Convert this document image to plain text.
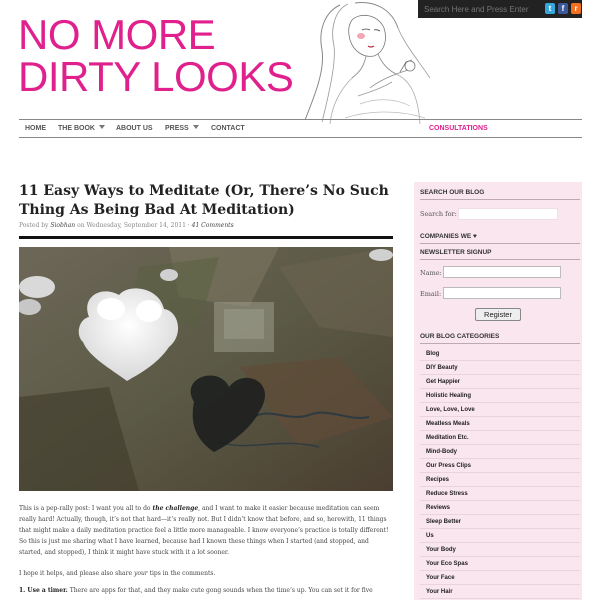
Search Here and Press Enter
t	f	r
NO MORE
DIRTY LOOKS
HOME THE BOOK	ABOUT US PRESS	CONTACT	CONSULTATIONS
11 Easy Ways to Meditate (Or, There’s No Such Thing As Being Bad At Meditation)
Posted by Siobhan on Wednesday, September 14, 2011 · 41 Comments

This is a pep-rally post: I want you all to do the challenge, and I want to make it easier because meditation can seem really hard! Actually, though, it’s not that hard—it’s really not. But I didn’t know that before, and so, herewith, 11 things that might make a daily meditation practice feel a little more manageable. I know everyone’s practice is totally different! So this is just me sharing what I have learned, because had I known these things when I started (and stopped, and started, and stopped), I think it might have stuck with it a lot sooner.

I hope it helps, and please also share your tips in the comments.

1. Use a timer. There are apps for that, and they make cute gong sounds when the time’s up. You can set it for five

SEARCH OUR BLOG
Search for:
COMPANIES WE ♥
NEWSLETTER SIGNUP
Name:
Email:
Register
OUR BLOG CATEGORIES
Blog
DIY Beauty
Get Happier
Holistic Healing
Love, Love, Love
Meatless Meals
Meditation Etc.
Mind-Body
Our Press Clips
Recipes
Reduce Stress
Reviews
Sleep Better
Us
Your Body
Your Eco Spas
Your Face
Your Hair
